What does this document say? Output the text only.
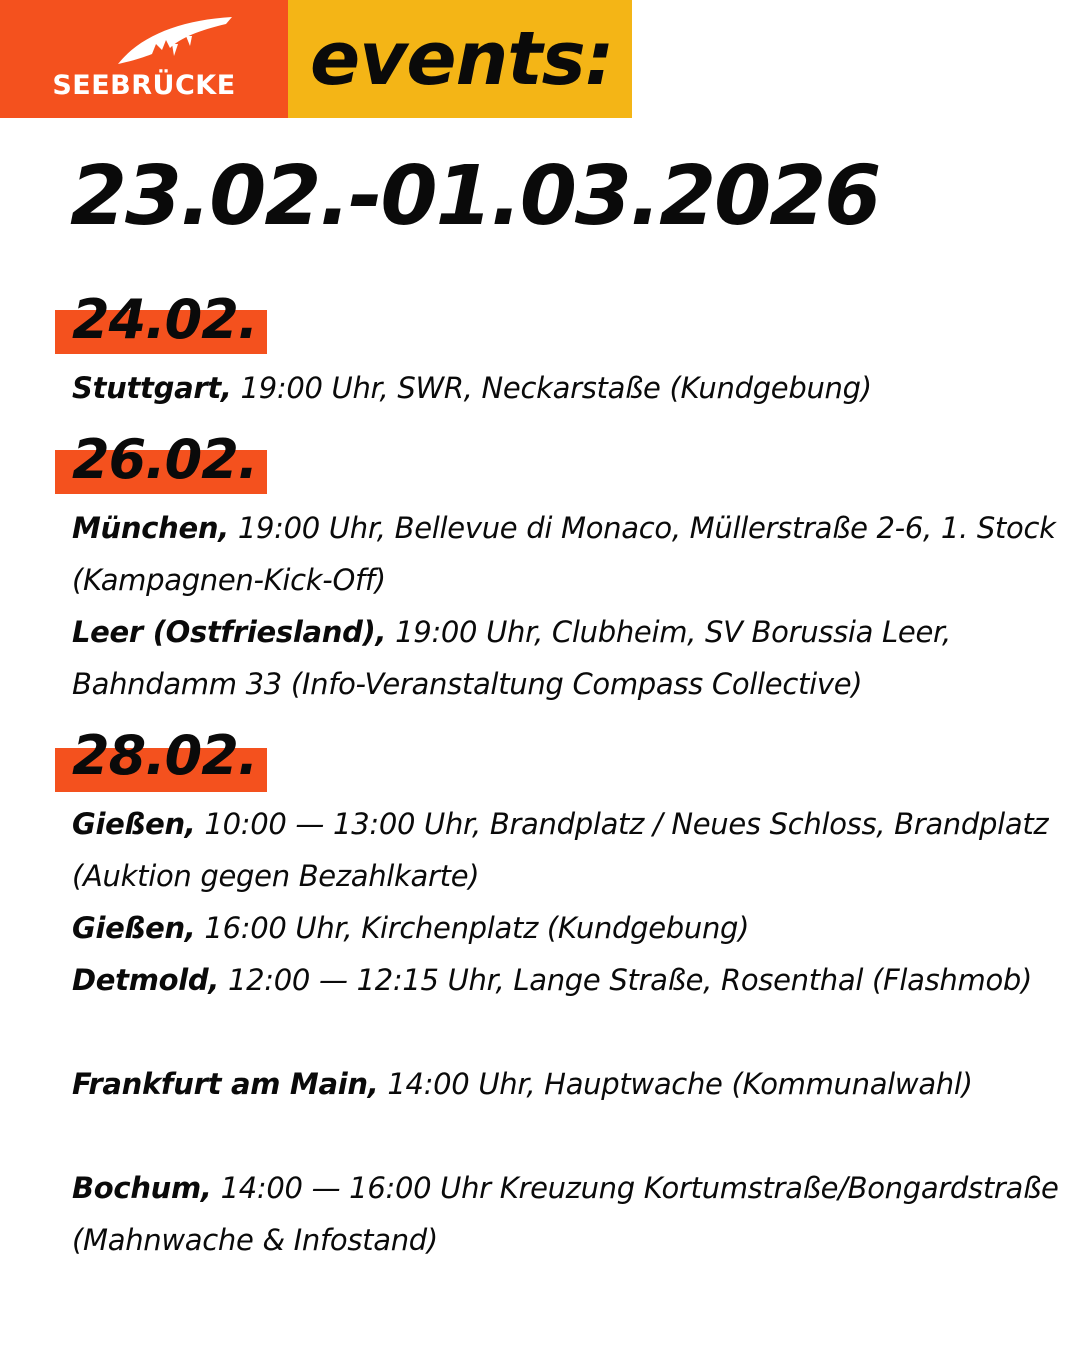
SEEBRÜCKE	events:
23.02.-01.03.2026
24.02.
Stuttgart, 19:00 Uhr, SWR, Neckarstaße (Kundgebung)
26.02.
München, 19:00 Uhr, Bellevue di Monaco, Müllerstraße 2-6, 1. Stock (Kampagnen-Kick-Off)
Leer (Ostfriesland), 19:00 Uhr, Clubheim, SV Borussia Leer, Bahndamm 33 (Info-Veranstaltung Compass Collective)
28.02.
Gießen, 10:00 — 13:00 Uhr, Brandplatz / Neues Schloss, Brandplatz (Auktion gegen Bezahlkarte)
Gießen, 16:00 Uhr, Kirchenplatz (Kundgebung)
Detmold, 12:00 — 12:15 Uhr, Lange Straße, Rosenthal (Flashmob)
Frankfurt am Main, 14:00 Uhr, Hauptwache (Kommunalwahl)
Bochum, 14:00 — 16:00 Uhr Kreuzung Kortumstraße/Bongardstraße (Mahnwache & Infostand)
